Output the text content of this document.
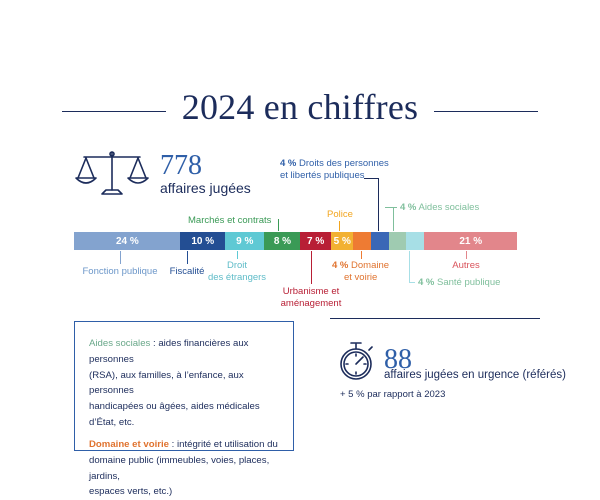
2024 en chiffres
778
affaires jugées
4 % Droits des personnes
et libertés publiques
4 % Aides sociales
Marchés et contrats
Police
24 %	10 %	9 %	8 %	7 % 5 %	21 %
Fonction publique	Fiscalité
Droit
des étrangers
Urbanisme et
aménagement
4 % Domaine
et voirie	4 % Santé publique
Autres
88
affaires jugées en urgence (référés)
+ 5 % par rapport à 2023
Aides sociales : aides financières aux personnes
(RSA), aux familles, à l’enfance, aux personnes
handicapées ou âgées, aides médicales d’État, etc.
Domaine et voirie : intégrité et utilisation du
domaine public (immeubles, voies, places, jardins,
espaces verts, etc.)
